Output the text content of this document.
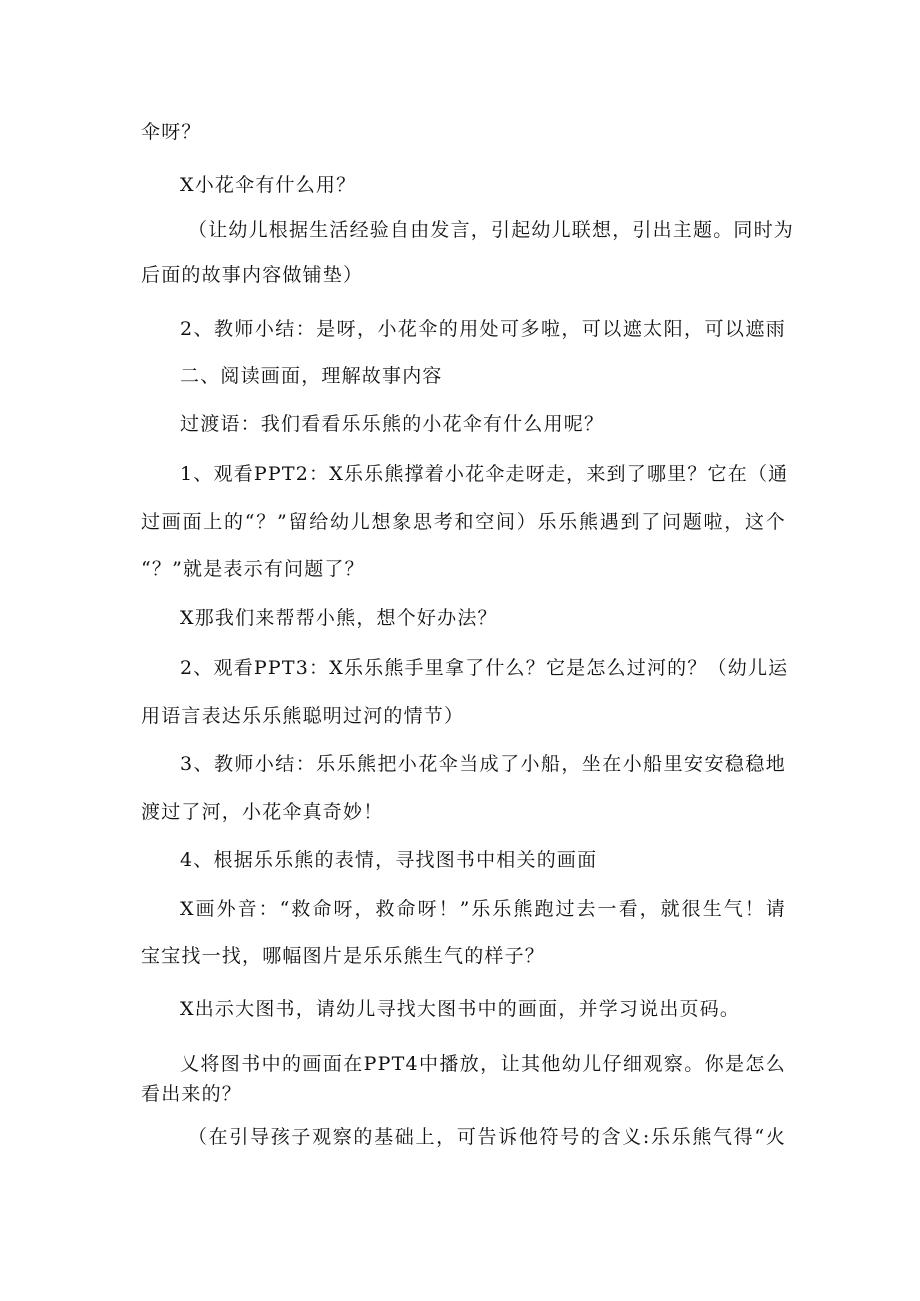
伞呀？
X小花伞有什么用？
（让幼儿根据生活经验自由发言，引起幼儿联想，引出主题。同时为
后面的故事内容做铺垫）
2、教师小结：是呀，小花伞的用处可多啦，可以遮太阳，可以遮雨
二、阅读画面，理解故事内容
过渡语：我们看看乐乐熊的小花伞有什么用呢？
1、观看PPT2：X乐乐熊撑着小花伞走呀走，来到了哪里？它在（通
过画面上的“？”留给幼儿想象思考和空间）乐乐熊遇到了问题啦，这个
“？”就是表示有问题了？
X那我们来帮帮小熊，想个好办法？
2、观看PPT3：X乐乐熊手里拿了什么？它是怎么过河的？（幼儿运
用语言表达乐乐熊聪明过河的情节）
3、教师小结：乐乐熊把小花伞当成了小船，坐在小船里安安稳稳地
渡过了河，小花伞真奇妙！
4、根据乐乐熊的表情，寻找图书中相关的画面
X画外音：“救命呀，救命呀！”乐乐熊跑过去一看，就很生气！请
宝宝找一找，哪幅图片是乐乐熊生气的样子？
X出示大图书，请幼儿寻找大图书中的画面，并学习说出页码。
乂将图书中的画面在PPT4中播放，让其他幼儿仔细观察。你是怎么
看出来的？
（在引导孩子观察的基础上，可告诉他符号的含义:乐乐熊气得“火
